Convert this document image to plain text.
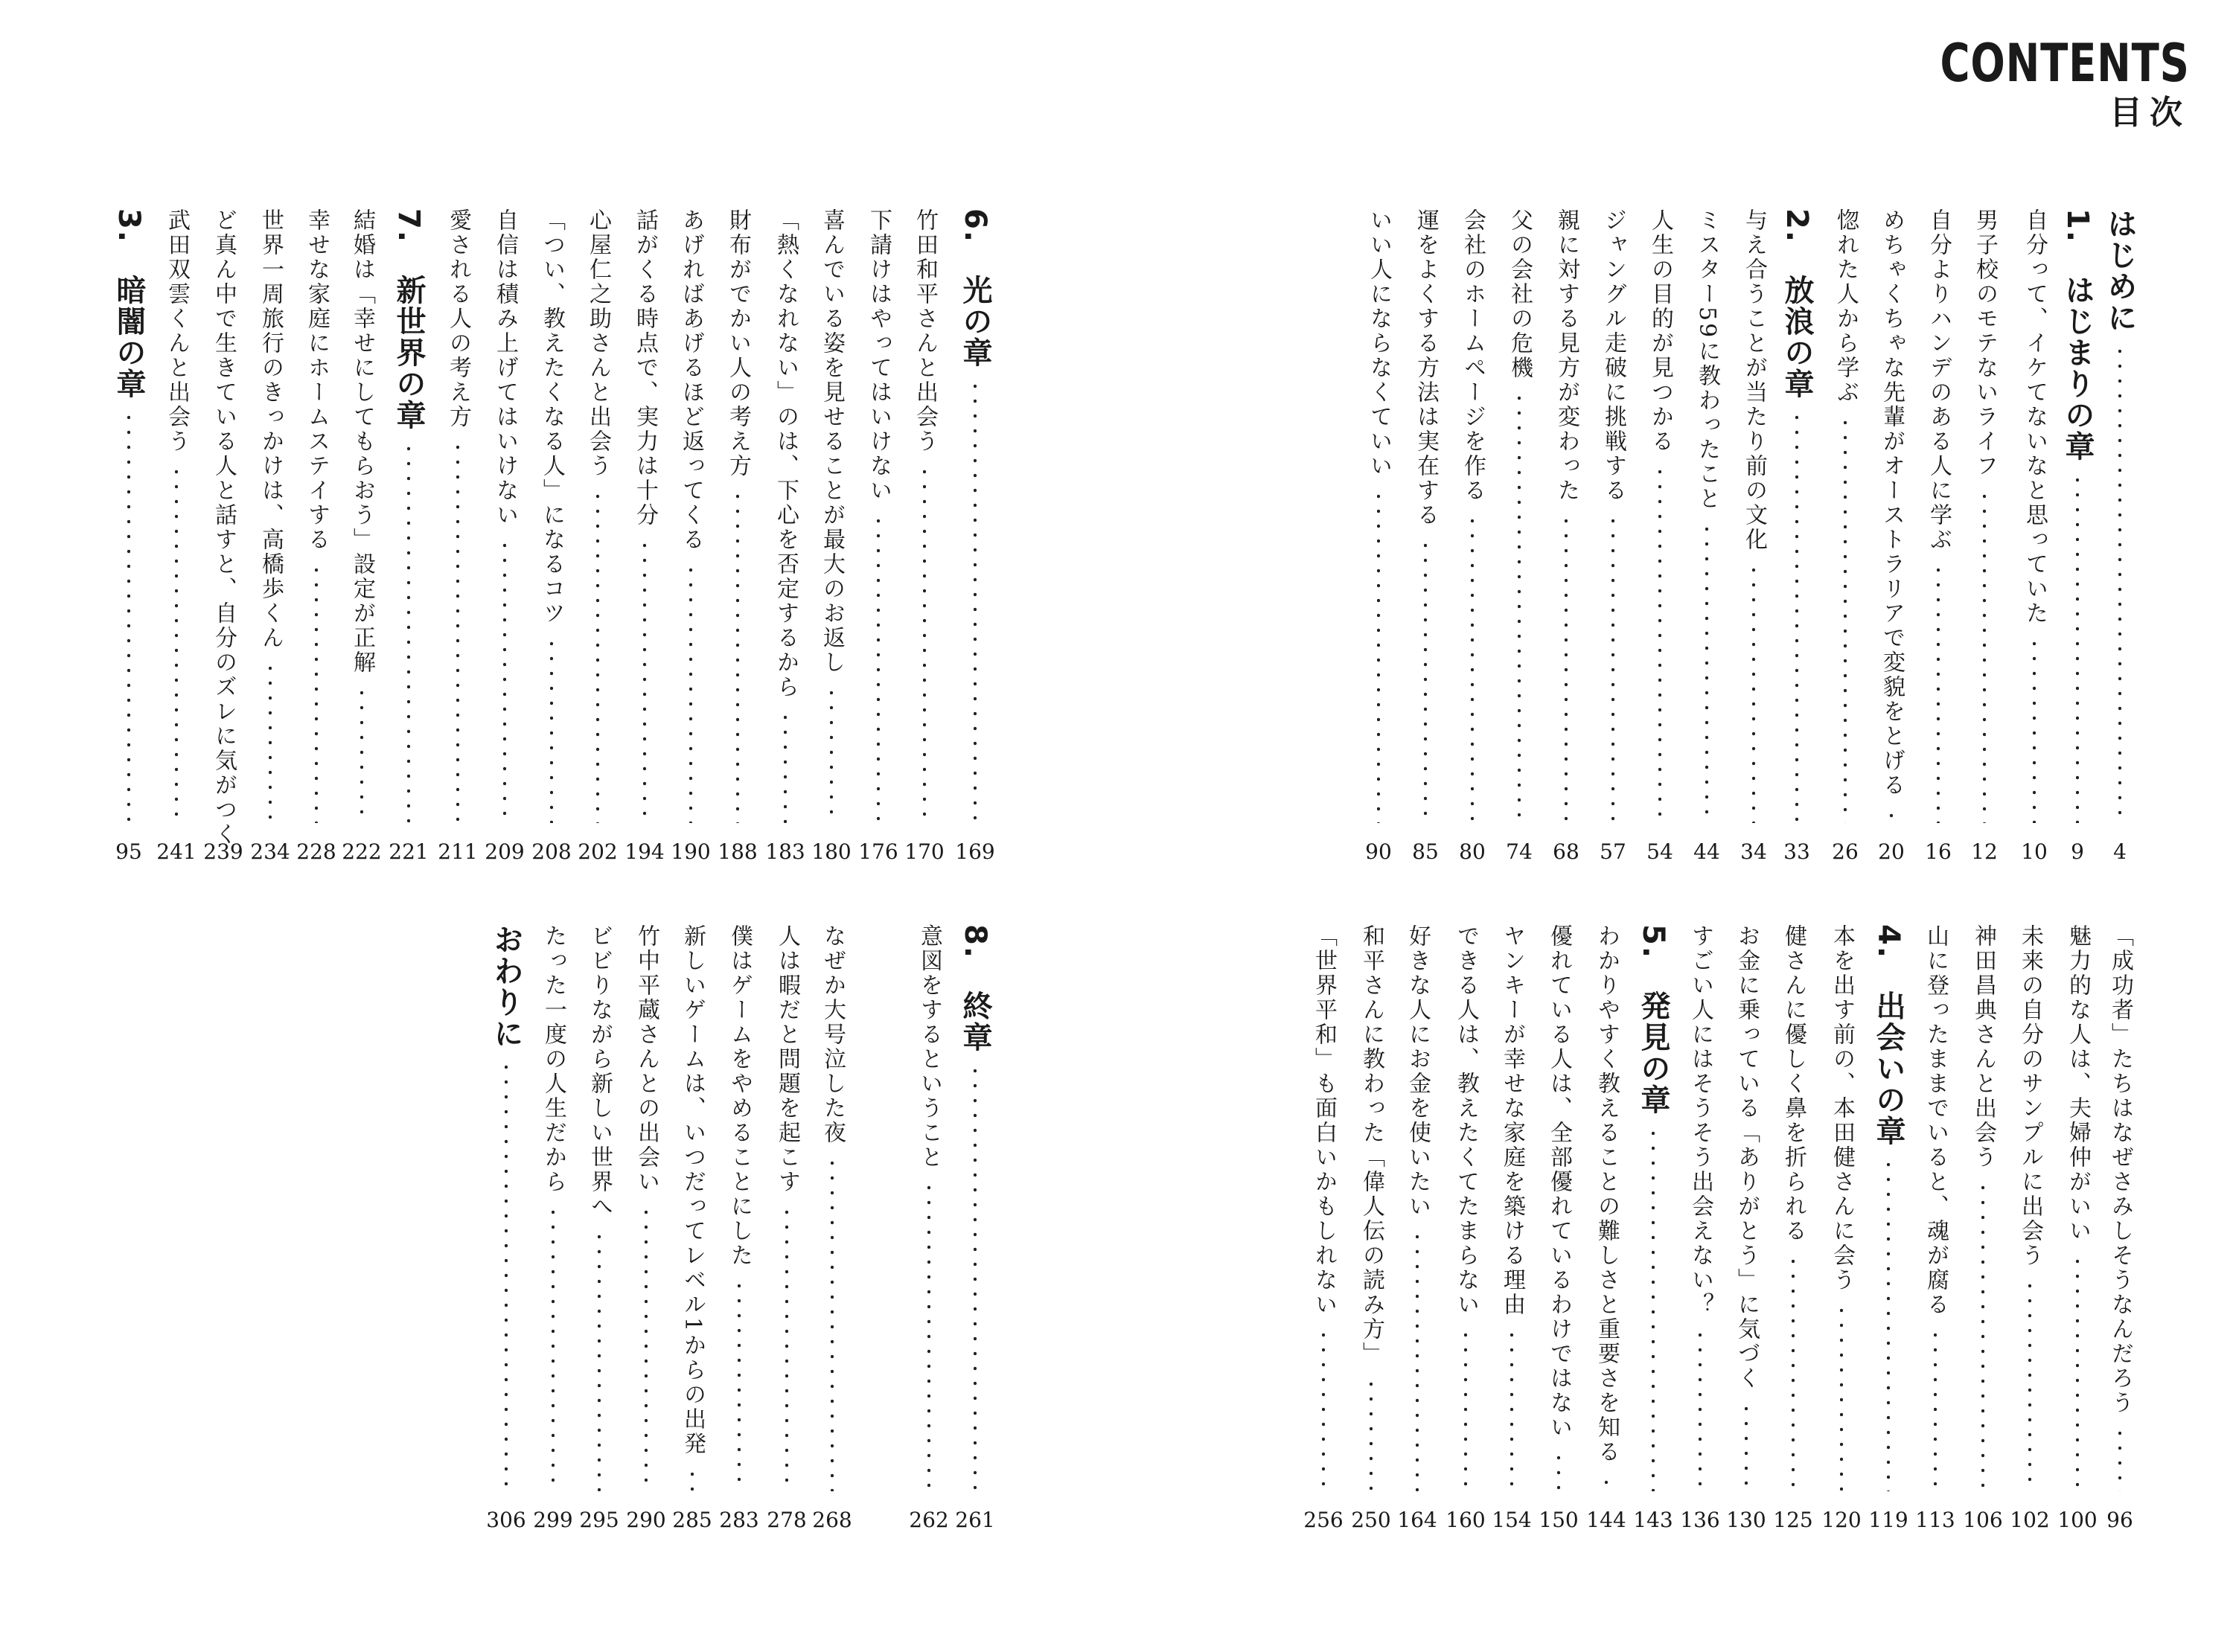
CONTENTS
目次
はじめに
4
1.　はじまりの章
9
自分って、イケてないなと思っていた
10
男子校のモテないライフ
12
自分よりハンデのある人に学ぶ
16
めちゃくちゃな先輩がオーストラリアで変貌をとげる
20
惚れた人から学ぶ
26
2.　放浪の章
33
与え合うことが当たり前の文化
34
ミスター59に教わったこと
44
人生の目的が見つかる
54
ジャングル走破に挑戦する
57
親に対する見方が変わった
68
父の会社の危機
74
会社のホームページを作る
80
運をよくする方法は実在する
85
いい人にならなくていい
90
6.　光の章
169
竹田和平さんと出会う
170
下請けはやってはいけない
176
喜んでいる姿を見せることが最大のお返し
180
「熱くなれない」のは、下心を否定するから
183
財布がでかい人の考え方
188
あげればあげるほど返ってくる
190
話がくる時点で、実力は十分
194
心屋仁之助さんと出会う
202
「つい、教えたくなる人」になるコツ
208
自信は積み上げてはいけない
209
愛される人の考え方
211
7.　新世界の章
221
結婚は「幸せにしてもらおう」設定が正解
222
幸せな家庭にホームステイする
228
世界一周旅行のきっかけは、高橋歩くん
234
ど真ん中で生きている人と話すと、自分のズレに気がつく
239
武田双雲くんと出会う
241
3.　暗闇の章
95
「成功者」たちはなぜさみしそうなんだろう
96
魅力的な人は、夫婦仲がいい
100
未来の自分のサンプルに出会う
102
神田昌典さんと出会う
106
山に登ったままでいると、魂が腐る
113
4.　出会いの章
119
本を出す前の、本田健さんに会う
120
健さんに優しく鼻を折られる
125
お金に乗っている「ありがとう」に気づく
130
すごい人にはそうそう出会えない？
136
5.　発見の章
143
わかりやすく教えることの難しさと重要さを知る
144
優れている人は、全部優れているわけではない
150
ヤンキーが幸せな家庭を築ける理由
154
できる人は、教えたくてたまらない
160
好きな人にお金を使いたい
164
和平さんに教わった「偉人伝の読み方」
250
「世界平和」も面白いかもしれない
256
8.　終章
261
意図をするということ
262
なぜか大号泣した夜
268
人は暇だと問題を起こす
278
僕はゲームをやめることにした
283
新しいゲームは、いつだってレベル1からの出発
285
竹中平蔵さんとの出会い
290
ビビりながら新しい世界へ
295
たった一度の人生だから
299
おわりに
306
